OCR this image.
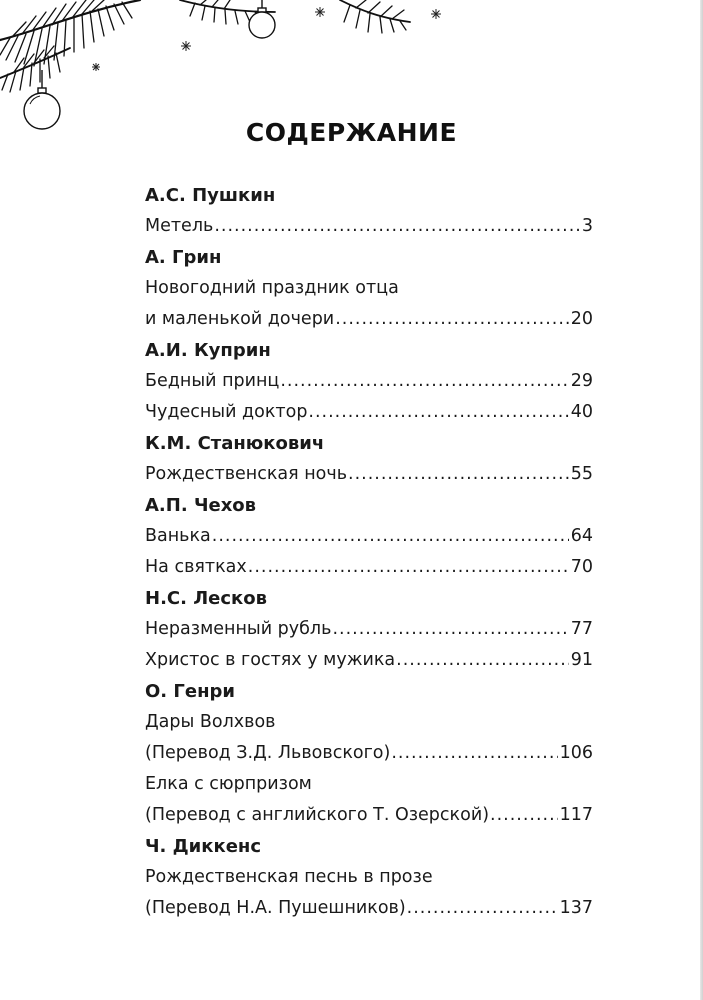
СОДЕРЖАНИЕ
А.С. Пушкин
Метель .....	3
А. Грин
Новогодний праздник отца
и маленькой дочери .....	20
А.И. Куприн
Бедный принц .....	29
Чудесный доктор .....	40
К.М. Станюкович
Рождественская ночь .....	55
А.П. Чехов
Ванька .....	64
На святках .....	70
Н.С. Лесков
Неразменный рубль .....	77
Христос в гостях у мужика .....	91
О. Генри
Дары Волхвов
(Перевод З.Д. Львовского) .....	106
Елка с сюрпризом
(Перевод с английского Т. Озерской) .....	117
Ч. Диккенс
Рождественская песнь в прозе
(Перевод Н.А. Пушешников) .....	137
